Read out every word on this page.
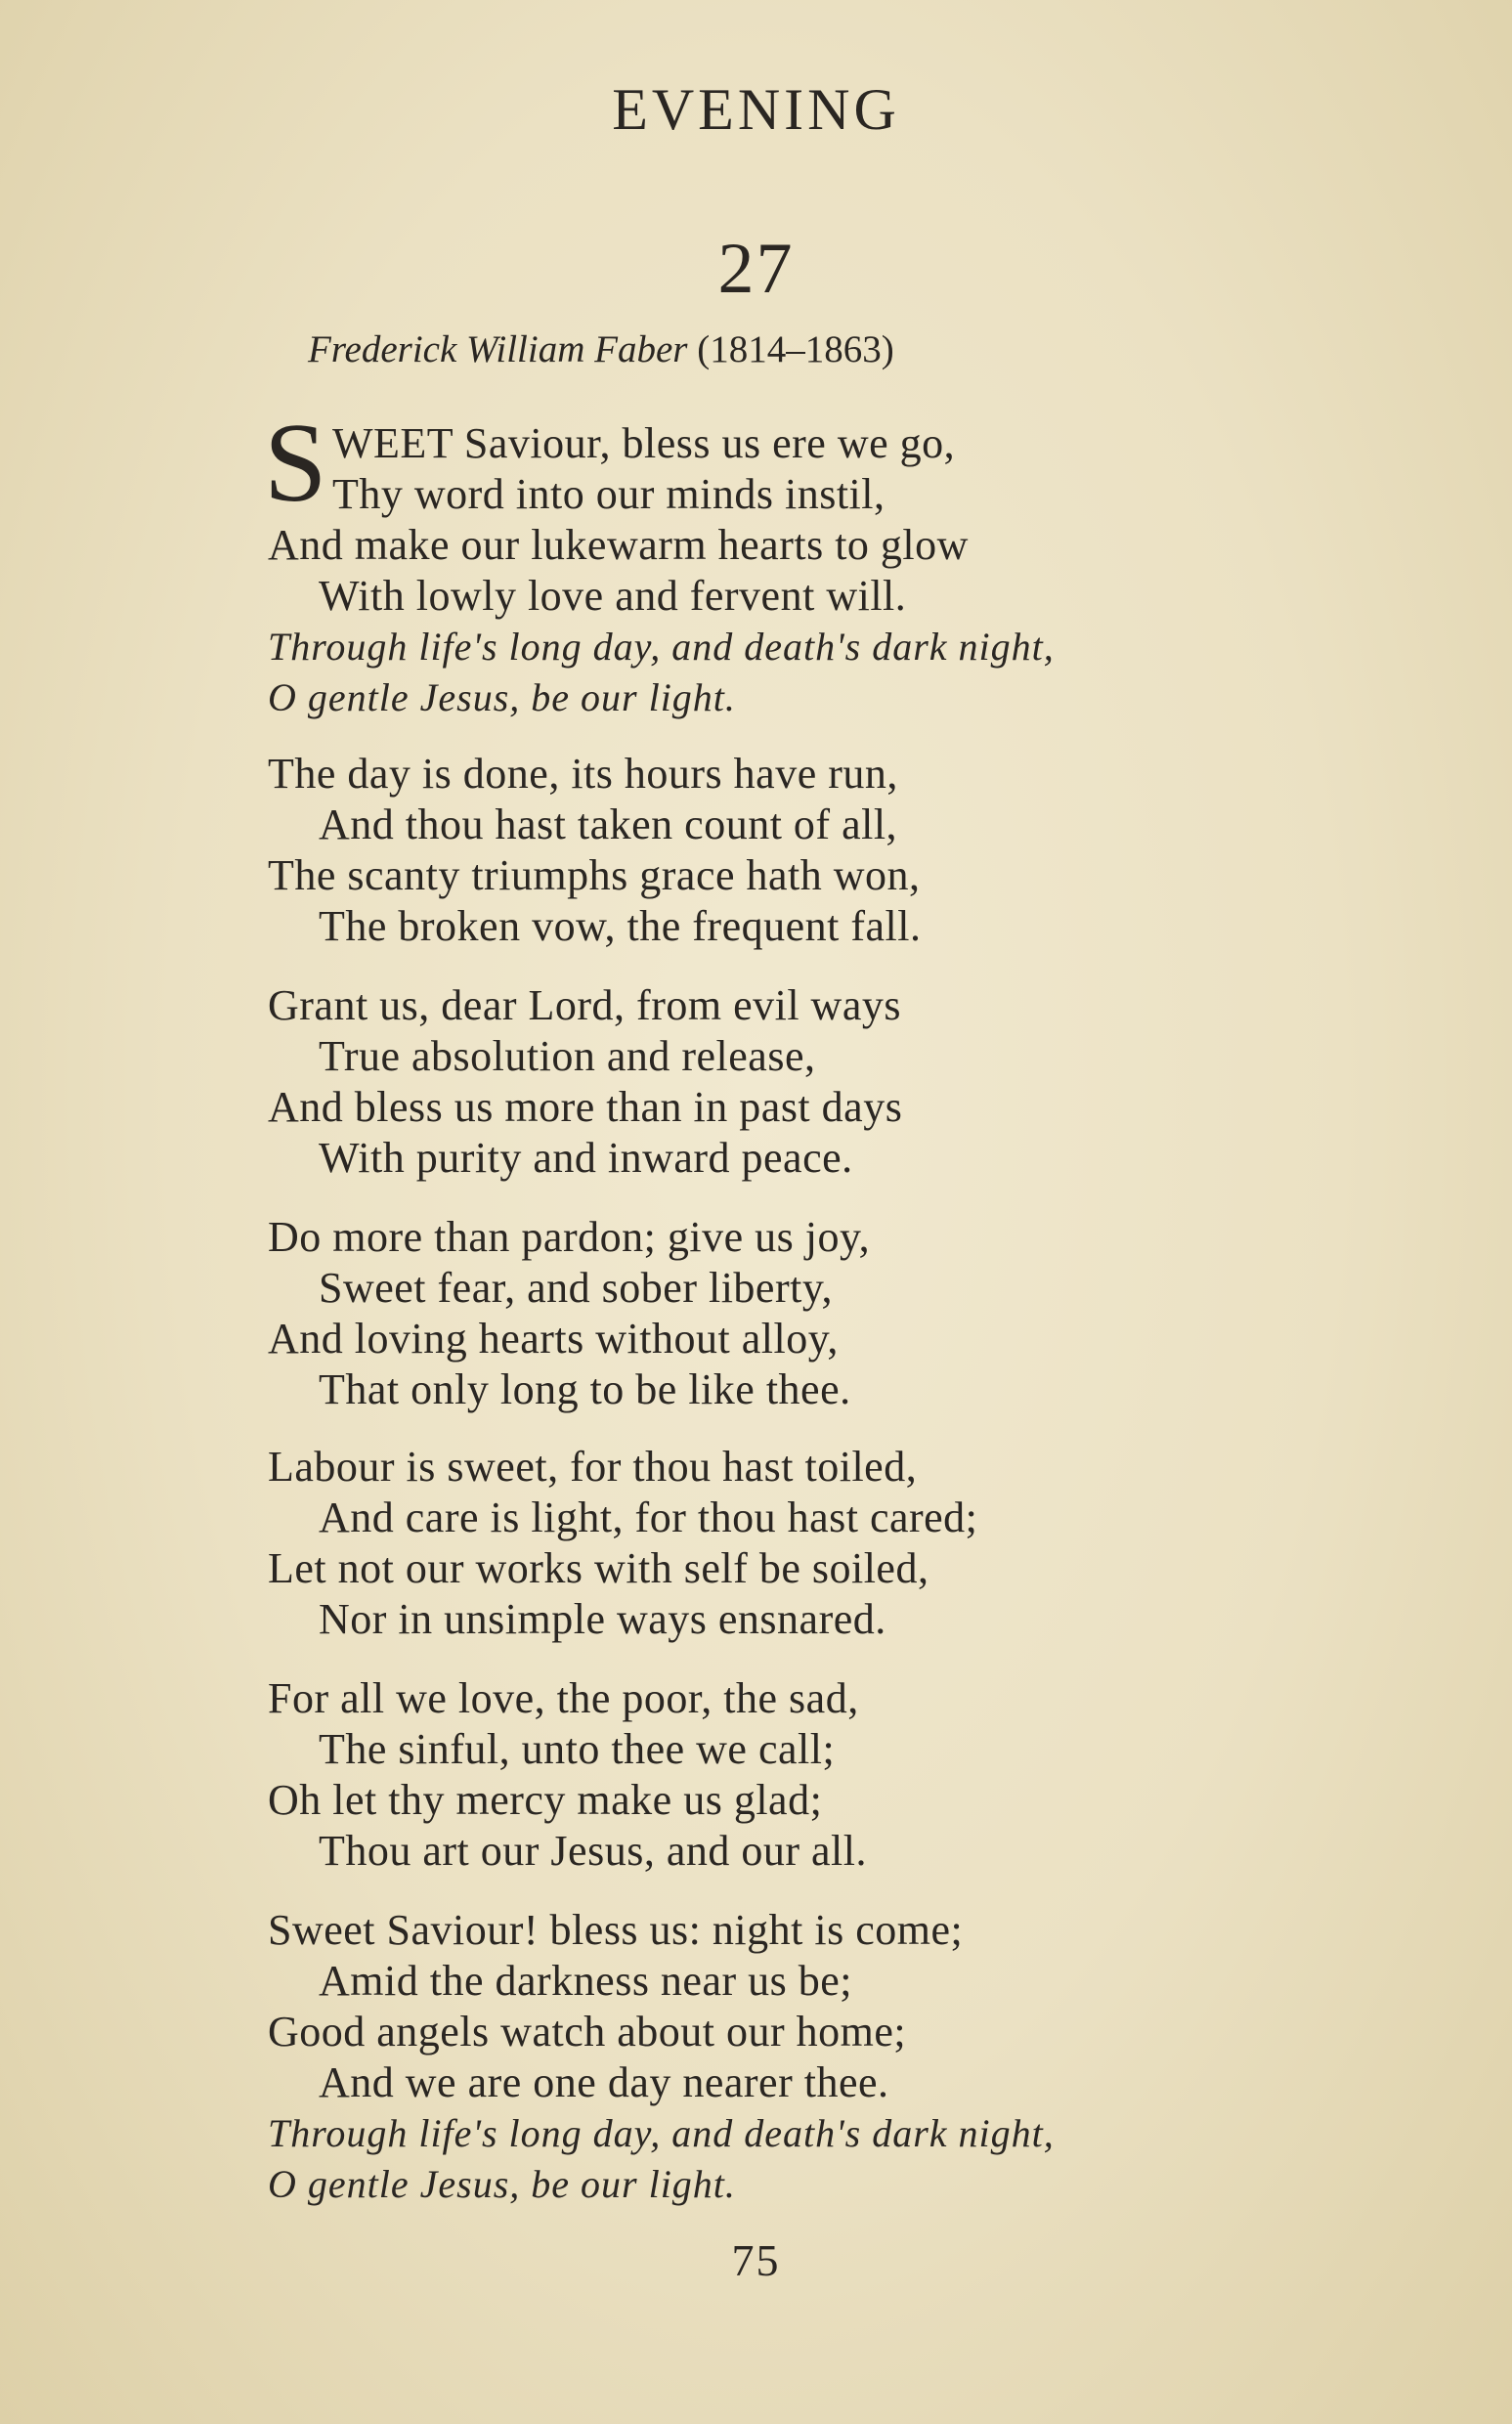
EVENING
27
Frederick William Faber (1814–1863)
S WEET Saviour, bless us ere we go,
Thy word into our minds instil,
And make our lukewarm hearts to glow
With lowly love and fervent will.
Through life's long day, and death's dark night,
O gentle Jesus, be our light.
The day is done, its hours have run,
And thou hast taken count of all,
The scanty triumphs grace hath won,
The broken vow, the frequent fall.
Grant us, dear Lord, from evil ways
True absolution and release,
And bless us more than in past days
With purity and inward peace.
Do more than pardon; give us joy,
Sweet fear, and sober liberty,
And loving hearts without alloy,
That only long to be like thee.
Labour is sweet, for thou hast toiled,
And care is light, for thou hast cared;
Let not our works with self be soiled,
Nor in unsimple ways ensnared.
For all we love, the poor, the sad,
The sinful, unto thee we call;
Oh let thy mercy make us glad;
Thou art our Jesus, and our all.
Sweet Saviour! bless us: night is come;
Amid the darkness near us be;
Good angels watch about our home;
And we are one day nearer thee.
Through life's long day, and death's dark night,
O gentle Jesus, be our light.
75
